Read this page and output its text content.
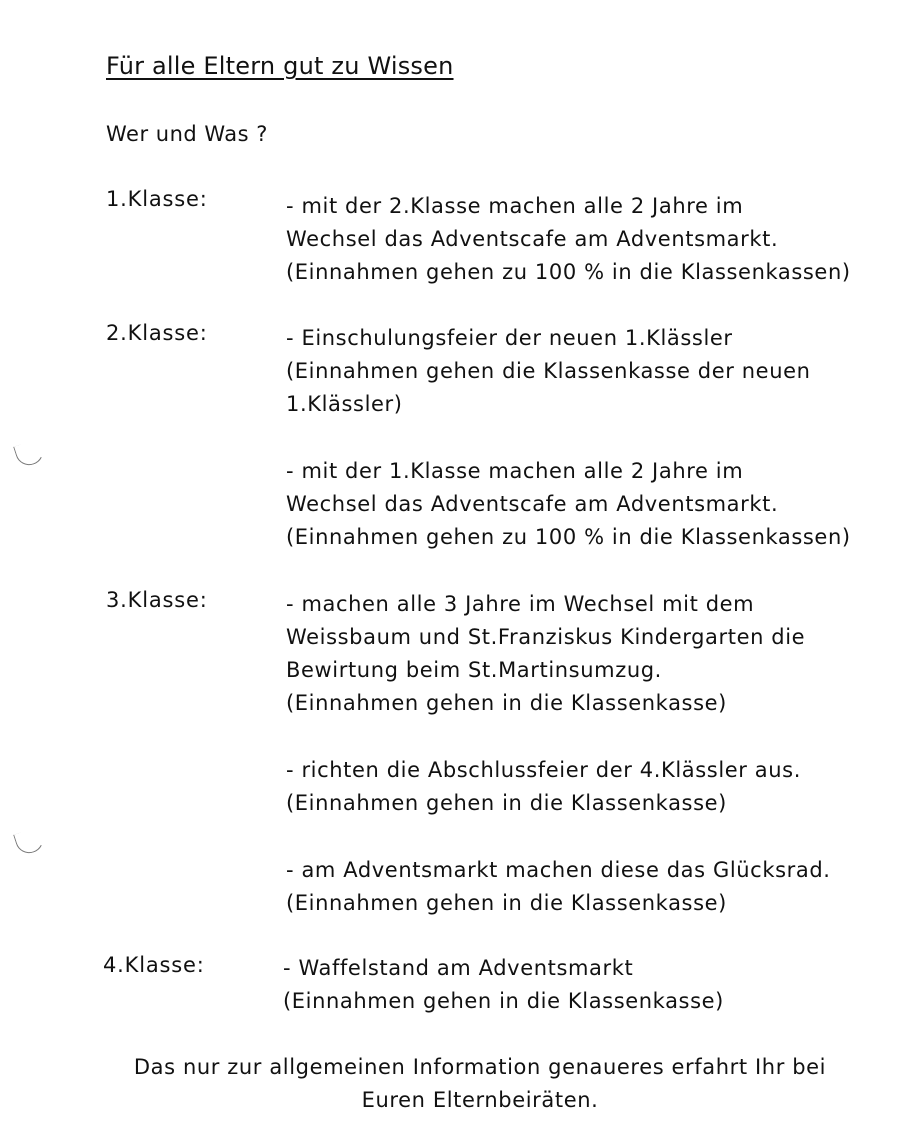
Für alle Eltern gut zu Wissen
Wer und Was ?
1.Klasse:	- mit der 2.Klasse machen alle 2 Jahre im
Wechsel das Adventscafe am Adventsmarkt.
(Einnahmen gehen zu 100 % in die Klassenkassen)
2.Klasse:	- Einschulungsfeier der neuen 1.Klässler
(Einnahmen gehen die Klassenkasse der neuen
1.Klässler)
- mit der 1.Klasse machen alle 2 Jahre im
Wechsel das Adventscafe am Adventsmarkt.
(Einnahmen gehen zu 100 % in die Klassenkassen)
3.Klasse:	- machen alle 3 Jahre im Wechsel mit dem
Weissbaum und St.Franziskus Kindergarten die
Bewirtung beim St.Martinsumzug.
(Einnahmen gehen in die Klassenkasse)
- richten die Abschlussfeier der 4.Klässler aus.
(Einnahmen gehen in die Klassenkasse)
- am Adventsmarkt machen diese das Glücksrad.
(Einnahmen gehen in die Klassenkasse)
4.Klasse:	- Waffelstand am Adventsmarkt
(Einnahmen gehen in die Klassenkasse)
Das nur zur allgemeinen Information genaueres erfahrt Ihr bei
Euren Elternbeiräten.
